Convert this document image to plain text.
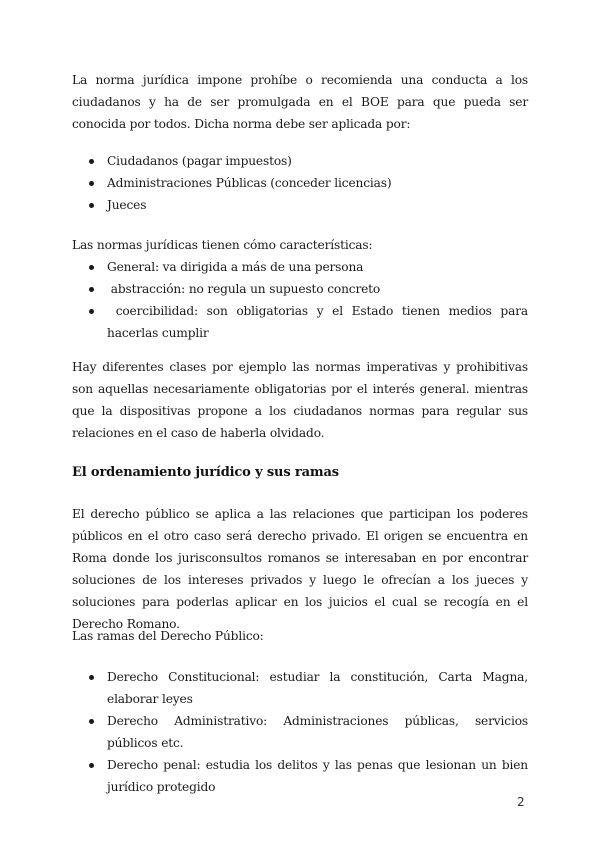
La norma jurídica impone prohíbe o recomienda una conducta a los ciudadanos y ha de ser promulgada en el BOE para que pueda ser conocida por todos. Dicha norma debe ser aplicada por:

Ciudadanos (pagar impuestos)
Administraciones Públicas (conceder licencias)
Jueces

Las normas jurídicas tienen cómo características:

General: va dirigida a más de una persona
abstracción: no regula un supuesto concreto
coercibilidad: son obligatorias y el Estado tienen medios para hacerlas cumplir

Hay diferentes clases por ejemplo las normas imperativas y prohibitivas son aquellas necesariamente obligatorias por el interés general. mientras que la dispositivas propone a los ciudadanos normas para regular sus relaciones en el caso de haberla olvidado.

El ordenamiento jurídico y sus ramas

El derecho público se aplica a las relaciones que participan los poderes públicos en el otro caso será derecho privado. El origen se encuentra en Roma donde los jurisconsultos romanos se interesaban en por encontrar soluciones de los intereses privados y luego le ofrecían a los jueces y soluciones para poderlas aplicar en los juicios el cual se recogía en el Derecho Romano.

Las ramas del Derecho Público:

Derecho Constitucional: estudiar la constitución, Carta Magna, elaborar leyes
Derecho Administrativo: Administraciones públicas, servicios públicos etc.
Derecho penal: estudia los delitos y las penas que lesionan un bien jurídico protegido
2
